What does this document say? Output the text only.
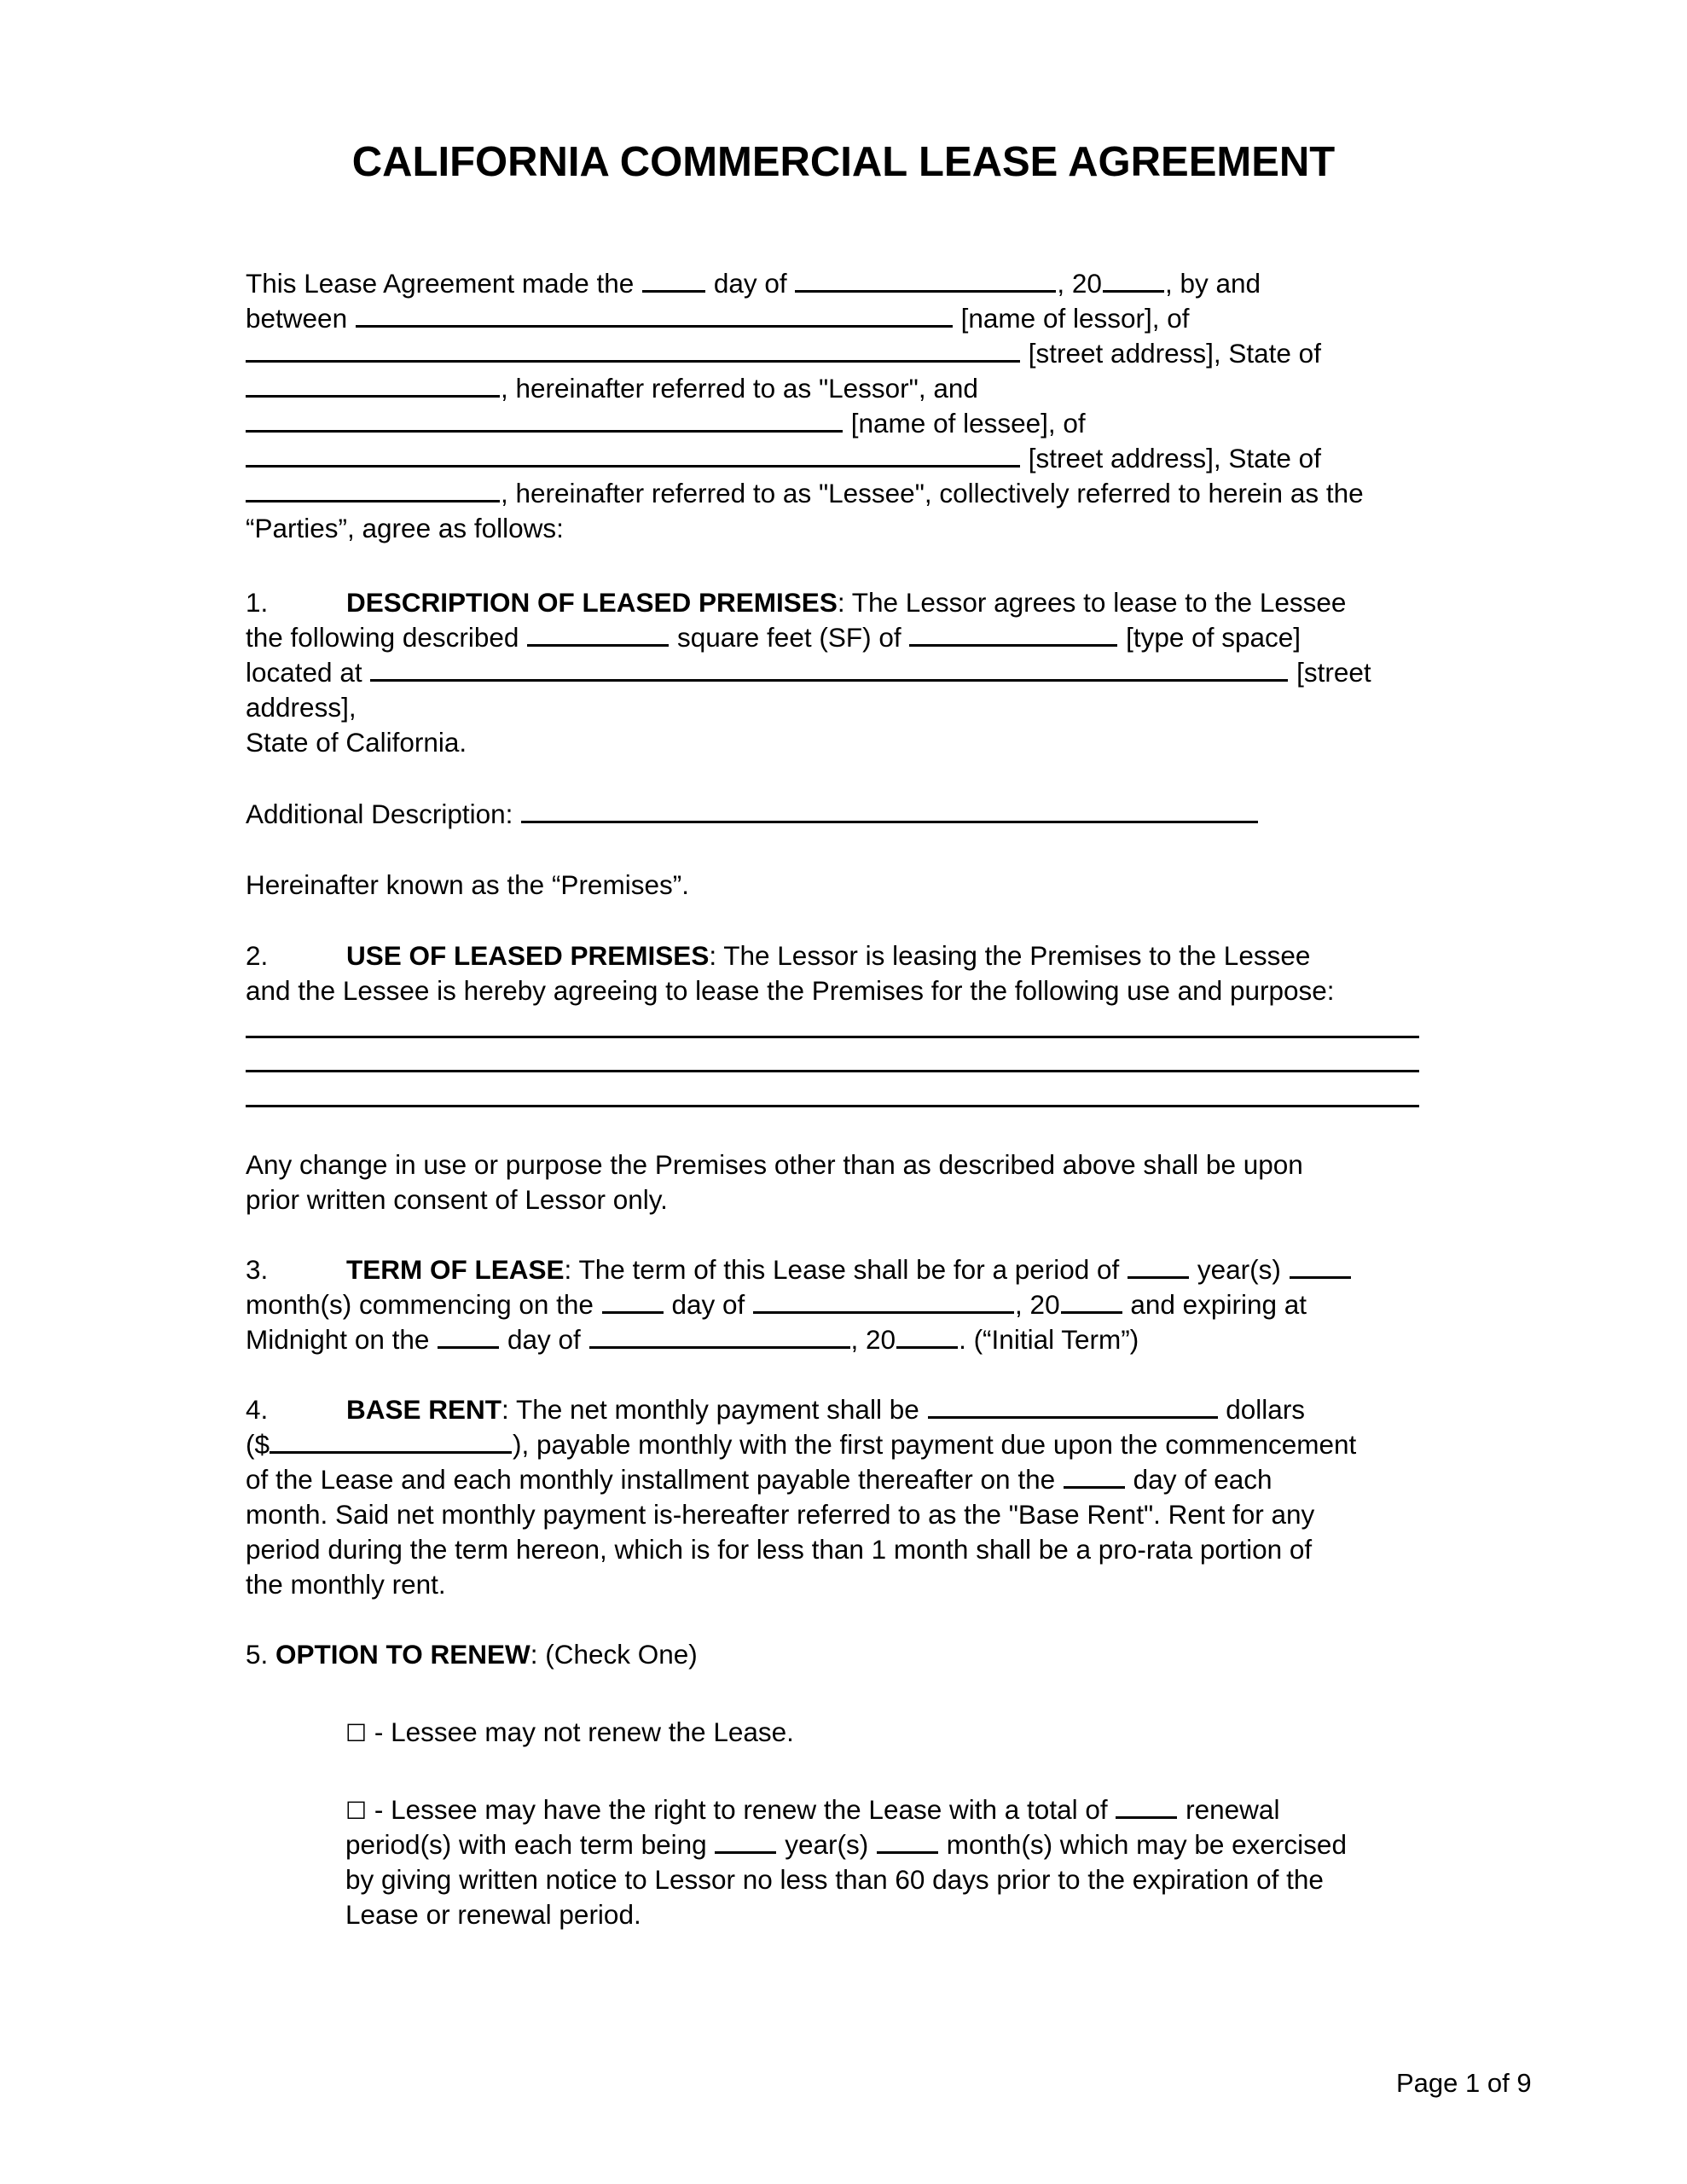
CALIFORNIA COMMERCIAL LEASE AGREEMENT
This Lease Agreement made the	day of	, 20 , by and
between	[name of lessor], of
[street address], State of
, hereinafter referred to as "Lessor", and
[name of lessee], of
[street address], State of
, hereinafter referred to as "Lessee", collectively referred to herein as the
“Parties”, agree as follows:
1.	DESCRIPTION OF LEASED PREMISES: The Lessor agrees to lease to the Lessee
the following described	square feet (SF) of	[type of space]
located at	[street
address],
State of California.
Additional Description:
Hereinafter known as the “Premises”.
2.	USE OF LEASED PREMISES: The Lessor is leasing the Premises to the Lessee
and the Lessee is hereby agreeing to lease the Premises for the following use and purpose:
Any change in use or purpose the Premises other than as described above shall be upon
prior written consent of Lessor only.
3.	TERM OF LEASE: The term of this Lease shall be for a period of	year(s)
month(s) commencing on the	day of	, 20	and expiring at
Midnight on the	day of	, 20 . (“Initial Term”)
4.	BASE RENT: The net monthly payment shall be	dollars
($	), payable monthly with the first payment due upon the commencement
of the Lease and each monthly installment payable thereafter on the	day of each
month. Said net monthly payment is-hereafter referred to as the "Base Rent". Rent for any
period during the term hereon, which is for less than 1 month shall be a pro-rata portion of
the monthly rent.
5. OPTION TO RENEW: (Check One)
☐ - Lessee may not renew the Lease.
☐ - Lessee may have the right to renew the Lease with a total of	renewal
period(s) with each term being	year(s)	month(s) which may be exercised
by giving written notice to Lessor no less than 60 days prior to the expiration of the
Lease or renewal period.
Page 1 of 9
